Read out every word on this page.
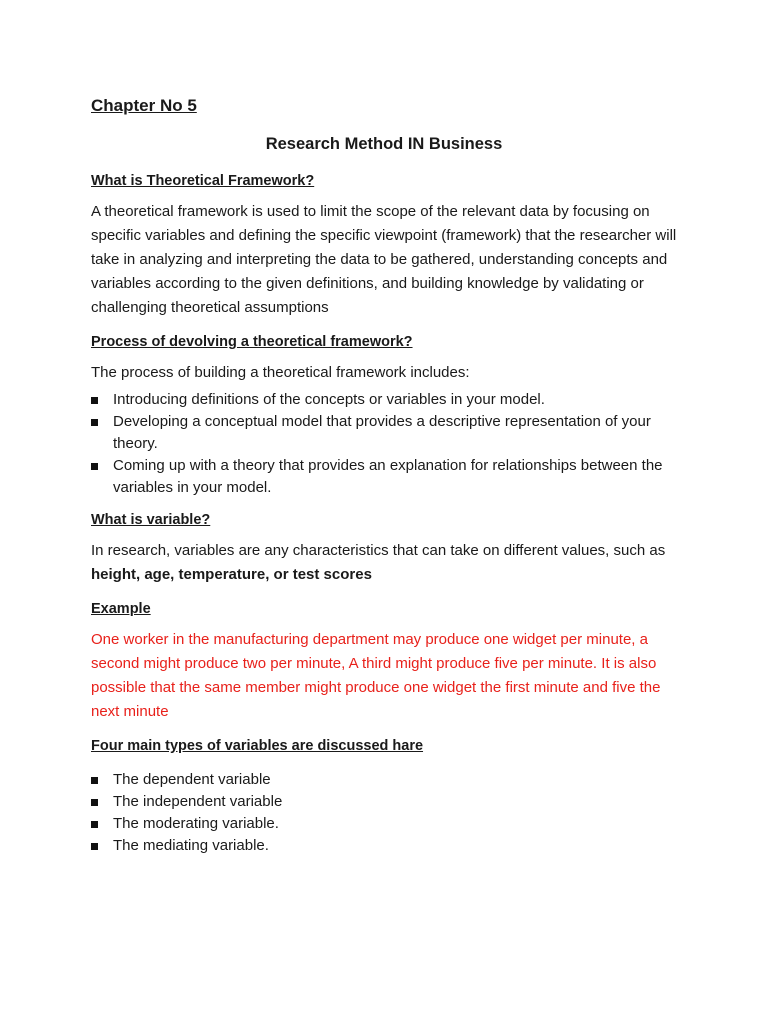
Chapter No 5
Research Method IN Business
What is Theoretical Framework?

A theoretical framework is used to limit the scope of the relevant data by focusing on specific variables and defining the specific viewpoint (framework) that the researcher will take in analyzing and interpreting the data to be gathered, understanding concepts and variables according to the given definitions, and building knowledge by validating or challenging theoretical assumptions

Process of devolving a theoretical framework?

The process of building a theoretical framework includes:

Introducing definitions of the concepts or variables in your model.
Developing a conceptual model that provides a descriptive representation of your theory.
Coming up with a theory that provides an explanation for relationships between the variables in your model.
What is variable?

In research, variables are any characteristics that can take on different values, such as height, age, temperature, or test scores

Example

One worker in the manufacturing department may produce one widget per minute, a second might produce two per minute, A third might produce five per minute. It is also possible that the same member might produce one widget the first minute and five the next minute

Four main types of variables are discussed hare
The dependent variable
The independent variable
The moderating variable.
The mediating variable.
